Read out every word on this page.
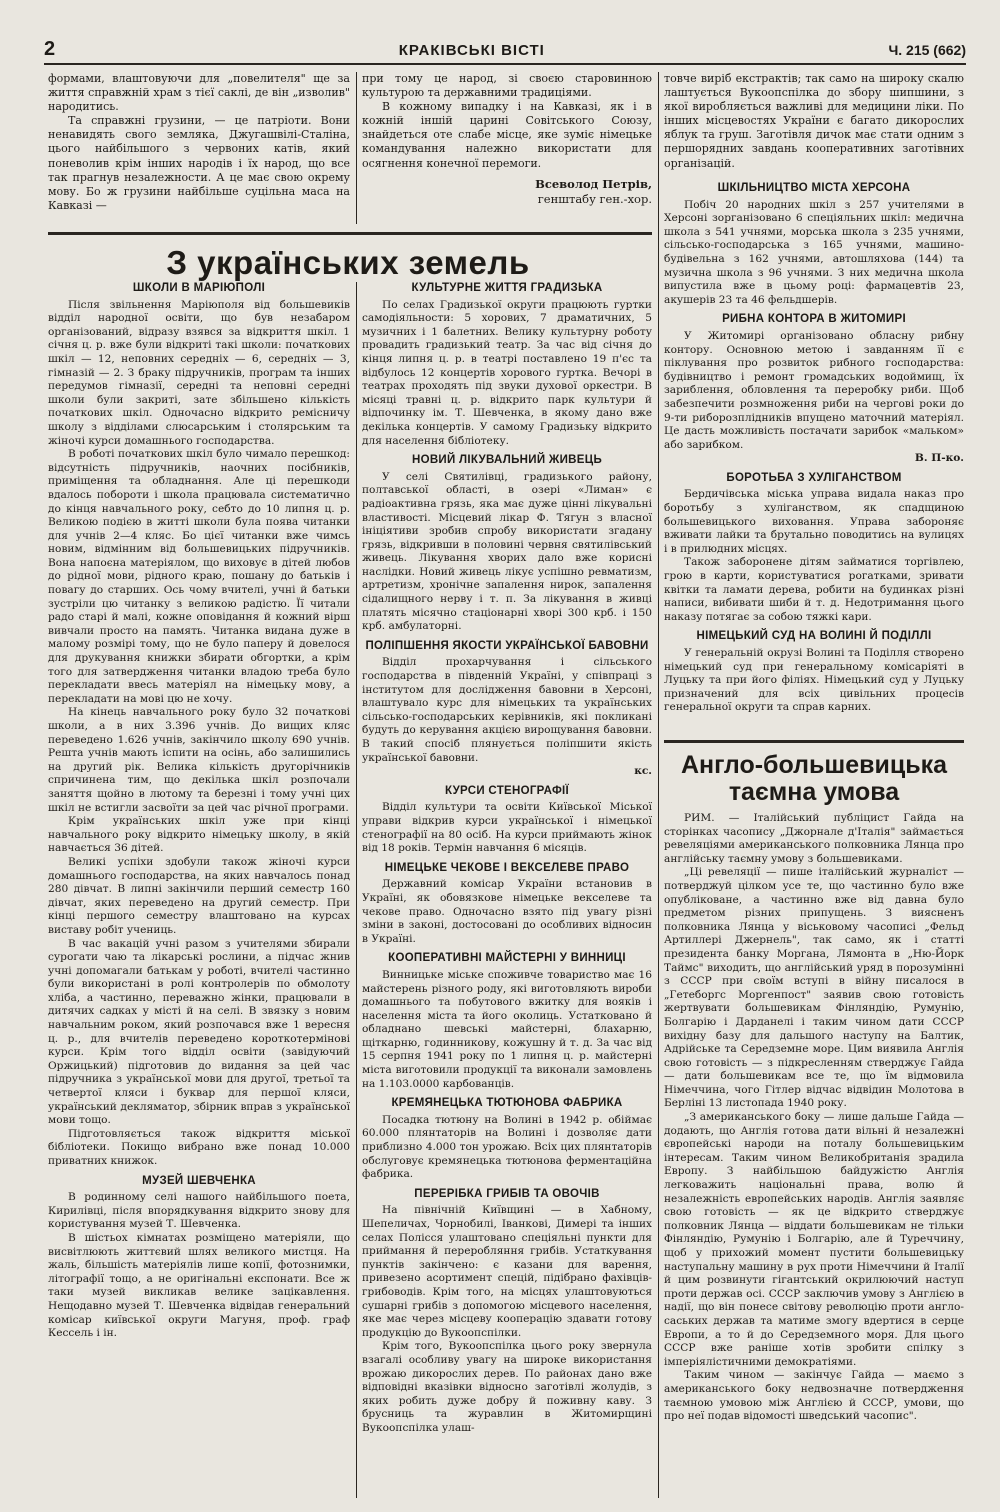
2	КРАКІВСЬКІ ВІСТІ	Ч. 215 (662)

формами, влаштовуючи для „повелителя" ще за життя справжній храм з тієї саклі, де він „изволив" народитись.

Та справжні грузини, — це патріоти. Вони ненавидять свого земляка, Джугашвілі-Сталіна, цього найбільшого з червоних катів, який поневолив крім інших народів і їх народ, що все так прагнув незалежности. А це має свою окрему мову. Бо ж грузини найбільше суцільна маса на Кавказі —

при тому це народ, зі своєю старовинною культурою та державними традиціями.

В кожному випадку і на Кавказі, як і в кожній іншій царині Совітського Союзу, знайдеться оте слабе місце, яке зуміє німецьке командування належно використати для осягнення конечної перемоги.

Всеволод Петрів,
генштабу ген.-хор.

товче виріб екстрактів; так само на широку скалю лаштується Вукоопспілка до збору шипшини, з якої виробляється важливі для медицини ліки. По інших місцевостях України є багато дикорослих яблук та груш. Заготівля дичок має стати одним з першорядних завдань кооперативних заготівних організацій.

З українських земель
ШКОЛИ В МАРІЮПОЛІ

Після звільнення Маріюполя від большевиків відділ народної освіти, що був незабаром організований, відразу взявся за відкриття шкіл. 1 січня ц. р. вже були відкриті такі школи: початкових шкіл — 12, неповних середніх — 6, середніх — 3, гімназій — 2. З браку підручників, програм та інших передумов гімназії, середні та неповні середні школи були закриті, зате збільшено кількість початкових шкіл. Одночасно відкрито ремісничу школу з відділами слюсарським і столярським та жіночі курси домашнього господарства.

В роботі початкових шкіл було чимало перешкод: відсутність підручників, наочних посібників, приміщення та обладнання. Але ці перешкоди вдалось побороти і школа працювала систематично до кінця навчального року, себто до 10 липня ц. р. Великою подією в житті школи була поява читанки для учнів 2—4 кляс. Бо цієї читанки вже чимсь новим, відмінним від большевицьких підручників. Вона напоєна матеріялом, що виховує в дітей любов до рідної мови, рідного краю, пошану до батьків і повагу до старших. Ось чому вчителі, учні й батьки зустріли цю читанку з великою радістю. Її читали радо старі й малі, кожне оповідання й кожний вірш вивчали просто на память. Читанка видана дуже в малому розмірі тому, що не було паперу й довелося для друкування книжки збирати обгортки, а крім того для затвердження читанки владою треба було перекладати ввесь матеріял на німецьку мову, а перекладати на мові цю не хочу.

На кінець навчального року було 32 початкові школи, а в них 3.396 учнів. До вищих кляс переведено 1.626 учнів, закінчило школу 690 учнів. Решта учнів мають іспити на осінь, або залишились на другий рік. Велика кількість другорічників спричинена тим, що декілька шкіл розпочали заняття щойно в лютому та березні і тому учні цих шкіл не встигли засвоїти за цей час річної програми.

Крім українських шкіл уже при кінці навчального року відкрито німецьку школу, в якій навчається 36 дітей.

Великі успіхи здобули також жіночі курси домашнього господарства, на яких навчалось понад 280 дівчат. В липні закінчили перший семестр 160 дівчат, яких переведено на другий семестр. При кінці першого семестру влаштовано на курсах виставу робіт учениць.

В час вакацій учні разом з учителями збирали сурогати чаю та лікарські рослини, а підчас жнив учні допомагали батькам у роботі, вчителі частинно були використані в ролі контролерів по обмолоту хліба, а частинно, переважно жінки, працювали в дитячих садках у місті й на селі. В звязку з новим навчальним роком, який розпочався вже 1 вересня ц. р., для вчителів переведено короткотермінові курси. Крім того відділ освіти (завідуючий Оржицький) підготовив до видання за цей час підручника з української мови для другої, третьої та четвертої кляси і буквар для першої кляси, український декляматор, збірник вправ з української мови тощо.

Підготовляється також відкриття міської бібліотеки. Покищо вибрано вже понад 10.000 приватних книжок.

МУЗЕЙ ШЕВЧЕНКА

В родинному селі нашого найбільшого поета, Кирилівці, після впорядкування відкрито знову для користування музей Т. Шевченка.

В шістьох кімнатах розміщено матеріяли, що висвітлюють життєвий шлях великого мистця. На жаль, більшість матеріялів лише копії, фотознимки, літографії тощо, а не оригінальні експонати. Все ж таки музей викликав велике зацікавлення. Нещодавно музей Т. Шевченка відвідав генеральний комісар київської округи Магуня, проф. граф Кессель і ін.

КУЛЬТУРНЕ ЖИТТЯ ГРАДИЗЬКА

По селах Градизької округи працюють гуртки самодіяльности: 5 хорових, 7 драматичних, 5 музичних і 1 балетних. Велику культурну роботу провадить градизький театр. За час від січня до кінця липня ц. р. в театрі поставлено 19 п'єс та відбулось 12 концертів хорового гуртка. Вечорі в театрах проходять під звуки духової оркестри. В місяці травні ц. р. відкрито парк культури й відпочинку ім. Т. Шевченка, в якому дано вже декілька концертів. У самому Градизьку відкрито для населення бібліотеку.

НОВИЙ ЛІКУВАЛЬНИЙ ЖИВЕЦЬ

У селі Святилівці, градизького району, полтавської області, в озері «Лиман» є радіоактивна грязь, яка має дуже цінні лікувальні властивості. Місцевий лікар Ф. Тягун з власної ініціятиви зробив спробу використати згадану грязь, відкривши в половині червня святилівський живець. Лікування хворих дало вже корисні наслідки. Новий живець лікує успішно ревматизм, артретизм, хронічне запалення нирок, запалення сідалищного нерву і т. п. За лікування в живці платять місячно стаціонарні хворі 300 крб. і 150 крб. амбулаторні.

ПОЛІПШЕННЯ ЯКОСТИ УКРАЇНСЬКОЇ БАВОВНИ

Відділ прохарчування і сільського господарства в південній Україні, у співпраці з інститутом для дослідження бавовни в Херсоні, влаштувало курс для німецьких та українських сільсько-господарських керівників, які покликані будуть до керування акцією вирощування бавовни. В такий спосіб плянується поліпшити якість української бавовни.

кс.
КУРСИ СТЕНОГРАФІЇ

Відділ культури та освіти Київської Міської управи відкрив курси української і німецької стенографії на 80 осіб. На курси приймають жінок від 18 років. Термін навчання 6 місяців.

НІМЕЦЬКЕ ЧЕКОВЕ І ВЕКСЕЛЕВЕ ПРАВО

Державний комісар України встановив в Україні, як обовязкове німецьке векселеве та чекове право. Одночасно взято під увагу різні зміни в законі, достосовані до особливих відносин в Україні.

КООПЕРАТИВНІ МАЙСТЕРНІ У ВИННИЦІ

Винницьке міське споживче товариство має 16 майстерень різного роду, які виготовляють вироби домашнього та побутового вжитку для вояків і населення міста та його околиць. Устатковано й обладнано шевські майстерні, блахарню, щіткарню, годинникову, кожушну й т. д. За час від 15 серпня 1941 року по 1 липня ц. р. майстерні міста виготовили продукції та виконали замовлень на 1.103.0000 карбованців.

КРЕМЯНЕЦЬКА ТЮТЮНОВА ФАБРИКА

Посадка тютюну на Волині в 1942 р. обіймає 60.000 плянтаторів на Волині і дозволяє дати приблизно 4.000 тон урожаю. Всіх цих плянтаторів обслуговує кремянецька тютюнова ферментаційна фабрика.

ПЕРЕРІБКА ГРИБІВ ТА ОВОЧІВ

На північній Київщині — в Хабному, Шепеличах, Чорнобилі, Іванкові, Димері та інших селах Полісся улаштовано спеціяльні пункти для приймання й переробляння грибів. Устаткування пунктів закінчено: є казани для варення, привезено асортимент спецій, підібрано фахівців-грибоводів. Крім того, на місцях улаштовуються сушарні грибів з допомогою місцевого населення, яке має через місцеву кооперацію здавати готову продукцію до Вукоопспілки.

Крім того, Вукоопспілка цього року звернула взагалі особливу увагу на широке використання врожаю дикорослих дерев. По районах дано вже відповідні вказівки відносно заготівлі жолудів, з яких робить дуже добру й поживну каву. З брусниць та журавлин в Житомирщині Вукоопспілка улаш-

ШКІЛЬНИЦТВО МІСТА ХЕРСОНА

Побіч 20 народних шкіл з 257 учителями в Херсоні зорганізовано 6 спеціяльних шкіл: медична школа з 541 учнями, морська школа з 235 учнями, сільсько-господарська з 165 учнями, машино-будівельна з 162 учнями, автошляхова (144) та музична школа з 96 учнями. З них медична школа випустила вже в цьому році: фармацевтів 23, акушерів 23 та 46 фельдшерів.

РИБНА КОНТОРА В ЖИТОМИРІ

У Житомирі організовано обласну рибну контору. Основною метою і завданням її є піклування про розвиток рибного господарства: будівництво і ремонт громадських водоймищ, їх зариблення, обловлення та переробку риби. Щоб забезпечити розмноження риби на чергові роки до 9-ти риборозплідників впущено маточний матеріял. Це дасть можливість постачати зарибок «мальком» або зарибком.

В. П-ко.
БОРОТЬБА З ХУЛІГАНСТВОМ

Бердичівська міська управа видала наказ про боротьбу з хуліганством, як спадщиною большевицького виховання. Управа забороняє вживати лайки та брутально поводитись на вулицях і в прилюдних місцях.

Також заборонене дітям займатися торгівлею, грою в карти, користуватися рогатками, зривати квітки та ламати дерева, робити на будинках різні написи, вибивати шиби й т. д. Недотримання цього наказу потягає за собою тяжкі кари.

НІМЕЦЬКИЙ СУД НА ВОЛИНІ Й ПОДІЛЛІ

У генеральній окрузі Волині та Поділля створено німецький суд при генеральному комісаріяті в Луцьку та при його філіях. Німецький суд у Луцьку призначений для всіх цивільних процесів генеральної округи та справ карних.

Англо-большевицька таємна умова

РИМ. — Італійський публіцист Гайда на сторінках часопису „Джорнале д'Італія" займається ревеляціями американського полковника Лянца про англійську таємну умову з большевиками.

„Ці ревеляції — пише італійський журналіст — потверджуй цілком усе те, що частинно було вже опубліковане, а частинно вже від давна було предметом різних припущень. З виясненъ полковника Лянца у віськовому часописі „Фельд Артиллері Джернель", так само, як і статті президента банку Моргана, Лямонта в „Ню-Йорк Таймс" виходить, що англійський уряд в порозумінні з СССР при своїм вступі в війну писалося в „Гетеборгс Моргенпост" заявив свою готовість жертвувати большевикам Фінляндію, Румунію, Болгарію і Дарданелі і таким чином дати СССР вихідну базу для дальшого наступу на Балтик, Адрійське та Середземне море. Цим виявила Англія свою готовість — з підкресленням стверджує Гайда — дати большевикам все те, що їм відмовила Німеччина, чого Гітлер відчас відвідин Молотова в Берліні 13 листопада 1940 року.

„З американського боку — лише дальше Гайда — додають, що Англія готова дати вільні й незалежні європейські народи на поталу большевицьким інтересам. Таким чином Великобританія зрадила Европу. З найбільшою байдужістю Англія легковажить національні права, волю й незалежність европейських народів. Англія заявляє свою готовість — як це відкрито стверджує полковник Лянца — віддати большевикам не тільки Фінляндію, Румунію і Болгарію, але й Туреччину, щоб у прихожий момент пустити большевицьку наступальну машину в рух проти Німеччини й Італії й цим розвинути гігантський окрилюючий наступ проти держав осі. СССР заключив умову з Англією в надії, що він понесе світову революцію проти англо-саських держав та матиме змогу вдертися в серце Европи, а то й до Середземного моря. Для цього СССР вже раніше хотів зробити спілку з імперіялістичними демократіями.

Таким чином — закінчує Гайда — маємо з американського боку недвозначне потвердження таємною умовою між Англією й СССР, умови, що про неї подав відомості шведський часопис".
